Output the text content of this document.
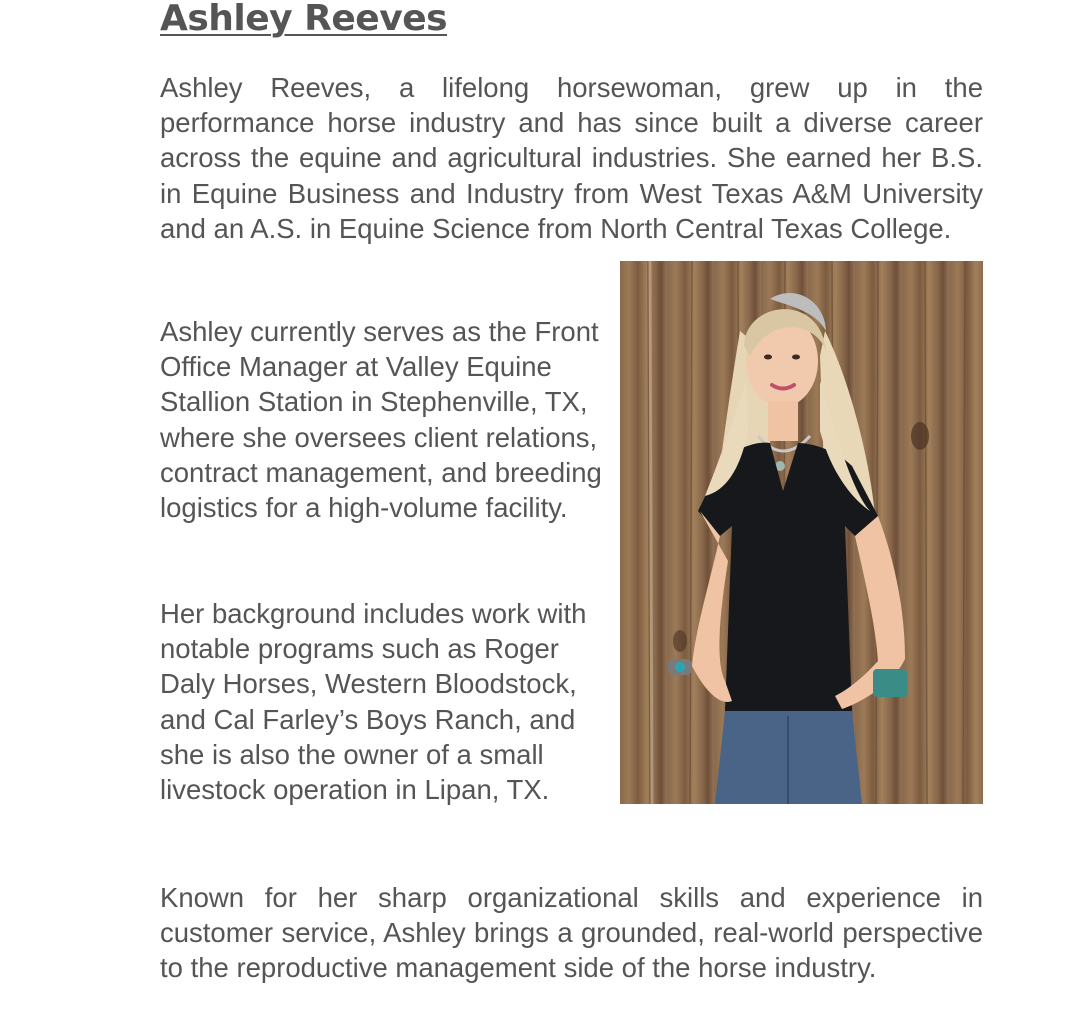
Ashley Reeves

Ashley Reeves, a lifelong horsewoman, grew up in the performance horse industry and has since built a diverse career across the equine and agricultural industries. She earned her B.S. in Equine Business and Industry from West Texas A&M University and an A.S. in Equine Science from North Central Texas College.

Ashley currently serves as the Front Office Manager at Valley Equine Stallion Station in Stephenville, TX, where she oversees client relations, contract management, and breeding logistics for a high-volume facility.

Her background includes work with notable programs such as Roger Daly Horses, Western Bloodstock, and Cal Farley’s Boys Ranch, and she is also the owner of a small livestock operation in Lipan, TX.

Known for her sharp organizational skills and experience in customer service, Ashley brings a grounded, real-world perspective to the reproductive management side of the horse industry.
